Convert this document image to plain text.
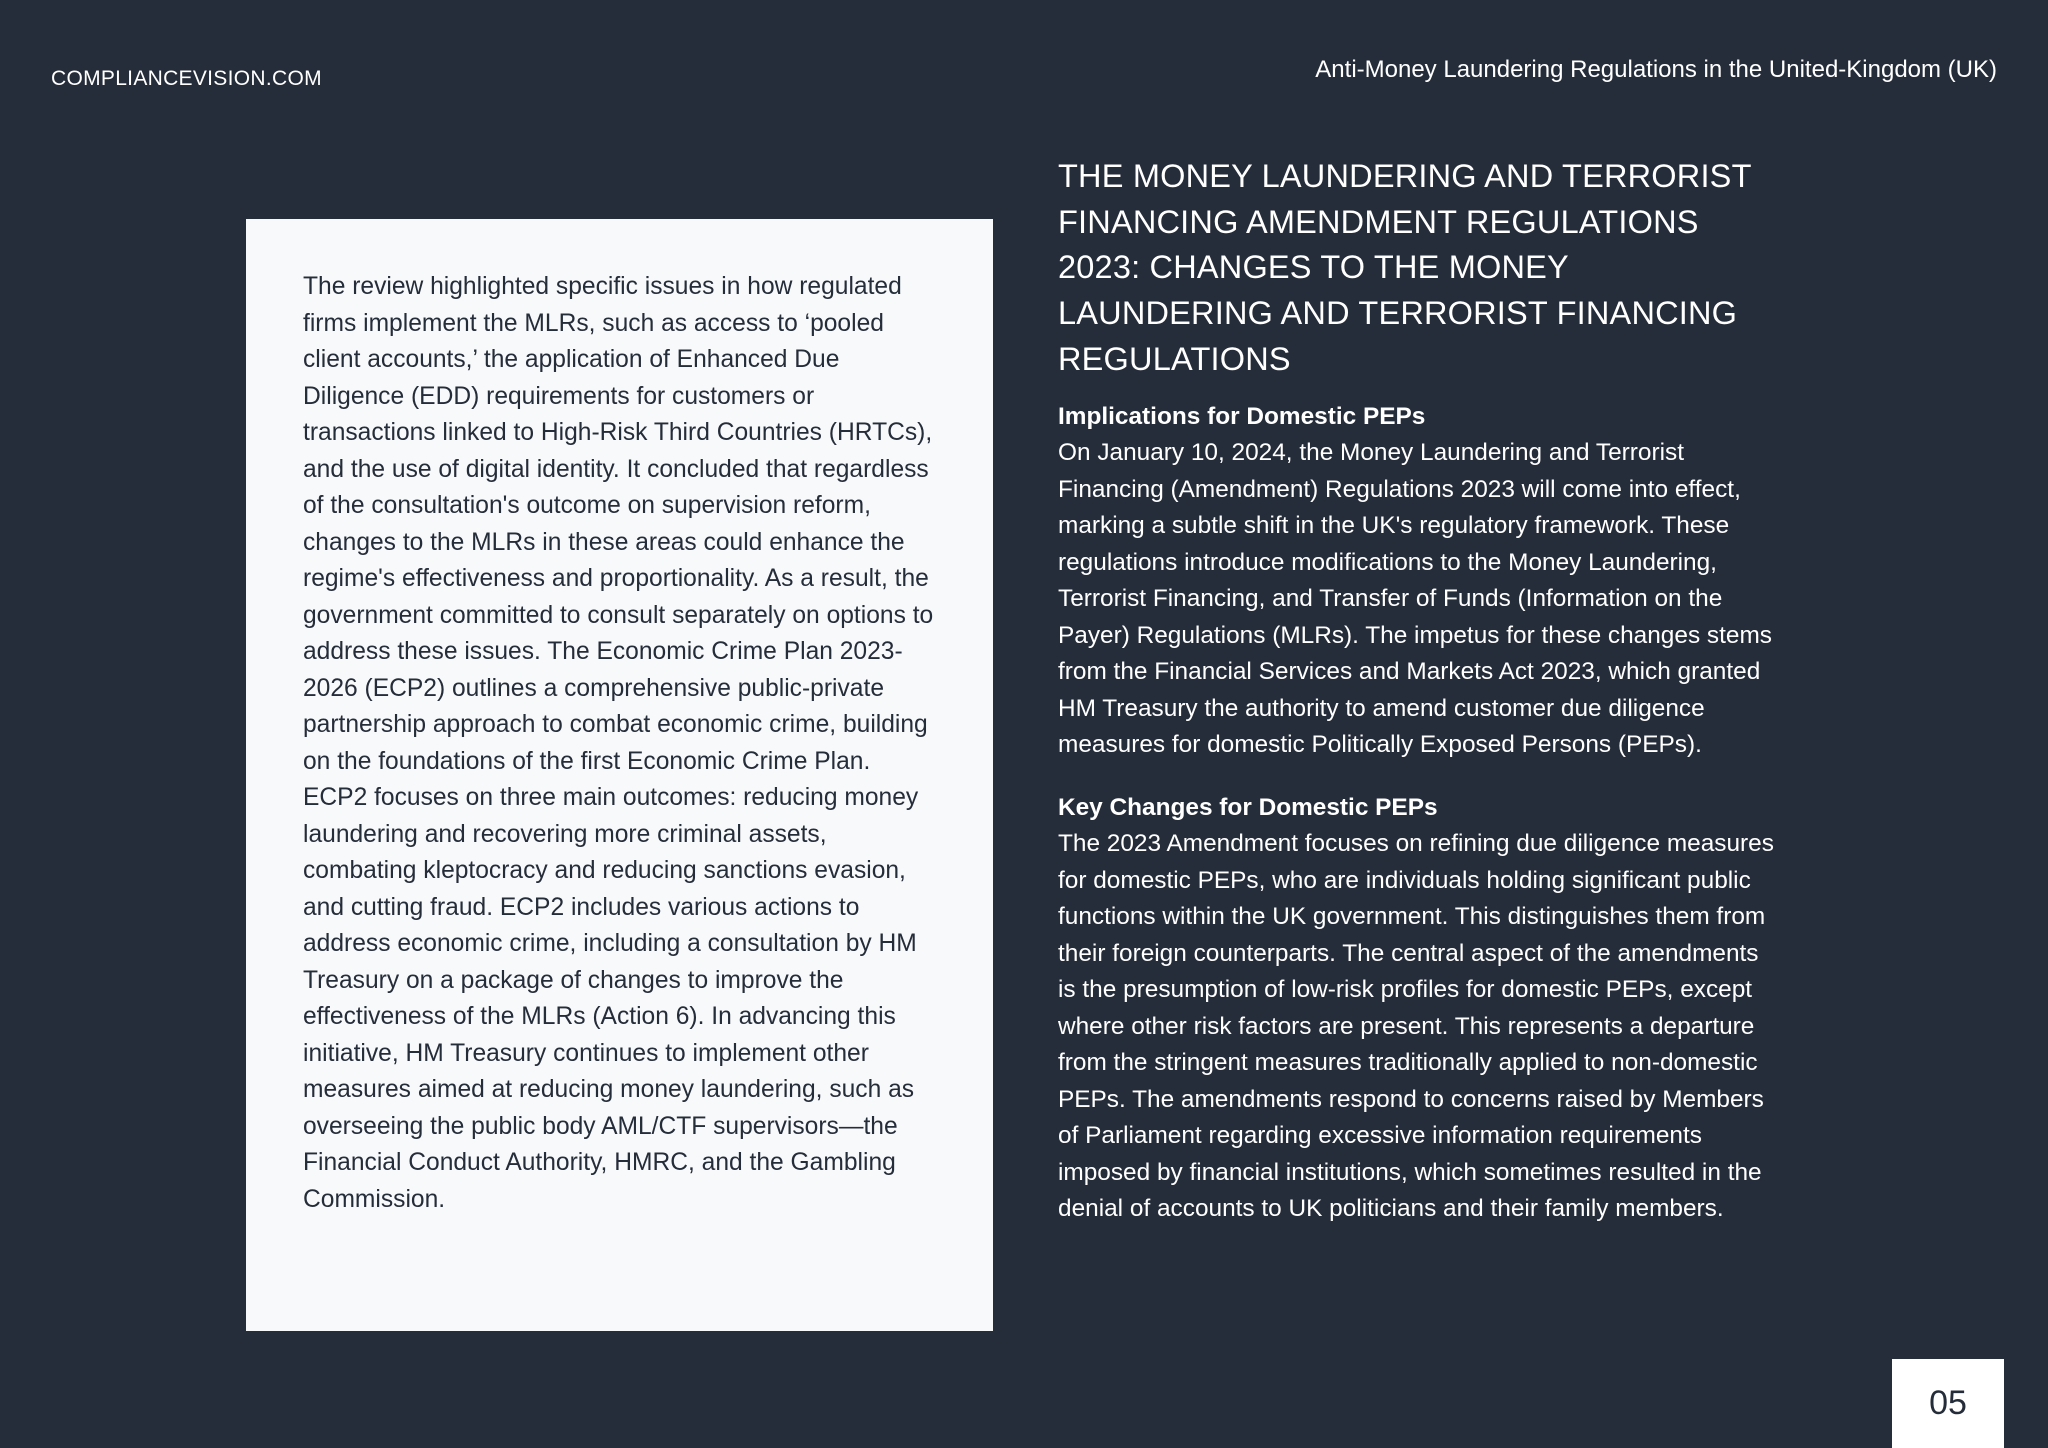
COMPLIANCEVISION.COM	Anti-Money Laundering Regulations in the United-Kingdom (UK)

The review highlighted specific issues in how regulated firms implement the MLRs, such as access to ‘pooled client accounts,’ the application of Enhanced Due Diligence (EDD) requirements for customers or transactions linked to High-Risk Third Countries (HRTCs), and the use of digital identity. It concluded that regardless of the consultation's outcome on supervision reform, changes to the MLRs in these areas could enhance the regime's effectiveness and proportionality. As a result, the government committed to consult separately on options to address these issues. The Economic Crime Plan 2023-2026 (ECP2) outlines a comprehensive public-private partnership approach to combat economic crime, building on the foundations of the first Economic Crime Plan. ECP2 focuses on three main outcomes: reducing money laundering and recovering more criminal assets, combating kleptocracy and reducing sanctions evasion, and cutting fraud. ECP2 includes various actions to address economic crime, including a consultation by HM Treasury on a package of changes to improve the effectiveness of the MLRs (Action 6). In advancing this initiative, HM Treasury continues to implement other measures aimed at reducing money laundering, such as overseeing the public body AML/CTF supervisors—the Financial Conduct Authority, HMRC, and the Gambling Commission.

THE MONEY LAUNDERING AND TERRORIST FINANCING AMENDMENT REGULATIONS 2023: CHANGES TO THE MONEY LAUNDERING AND TERRORIST FINANCING REGULATIONS
Implications for Domestic PEPs

On January 10, 2024, the Money Laundering and Terrorist Financing (Amendment) Regulations 2023 will come into effect, marking a subtle shift in the UK's regulatory framework. These regulations introduce modifications to the Money Laundering, Terrorist Financing, and Transfer of Funds (Information on the Payer) Regulations (MLRs). The impetus for these changes stems from the Financial Services and Markets Act 2023, which granted HM Treasury the authority to amend customer due diligence measures for domestic Politically Exposed Persons (PEPs).

Key Changes for Domestic PEPs

The 2023 Amendment focuses on refining due diligence measures for domestic PEPs, who are individuals holding significant public functions within the UK government. This distinguishes them from their foreign counterparts. The central aspect of the amendments is the presumption of low-risk profiles for domestic PEPs, except where other risk factors are present. This represents a departure from the stringent measures traditionally applied to non-domestic PEPs. The amendments respond to concerns raised by Members of Parliament regarding excessive information requirements imposed by financial institutions, which sometimes resulted in the denial of accounts to UK politicians and their family members.

05
